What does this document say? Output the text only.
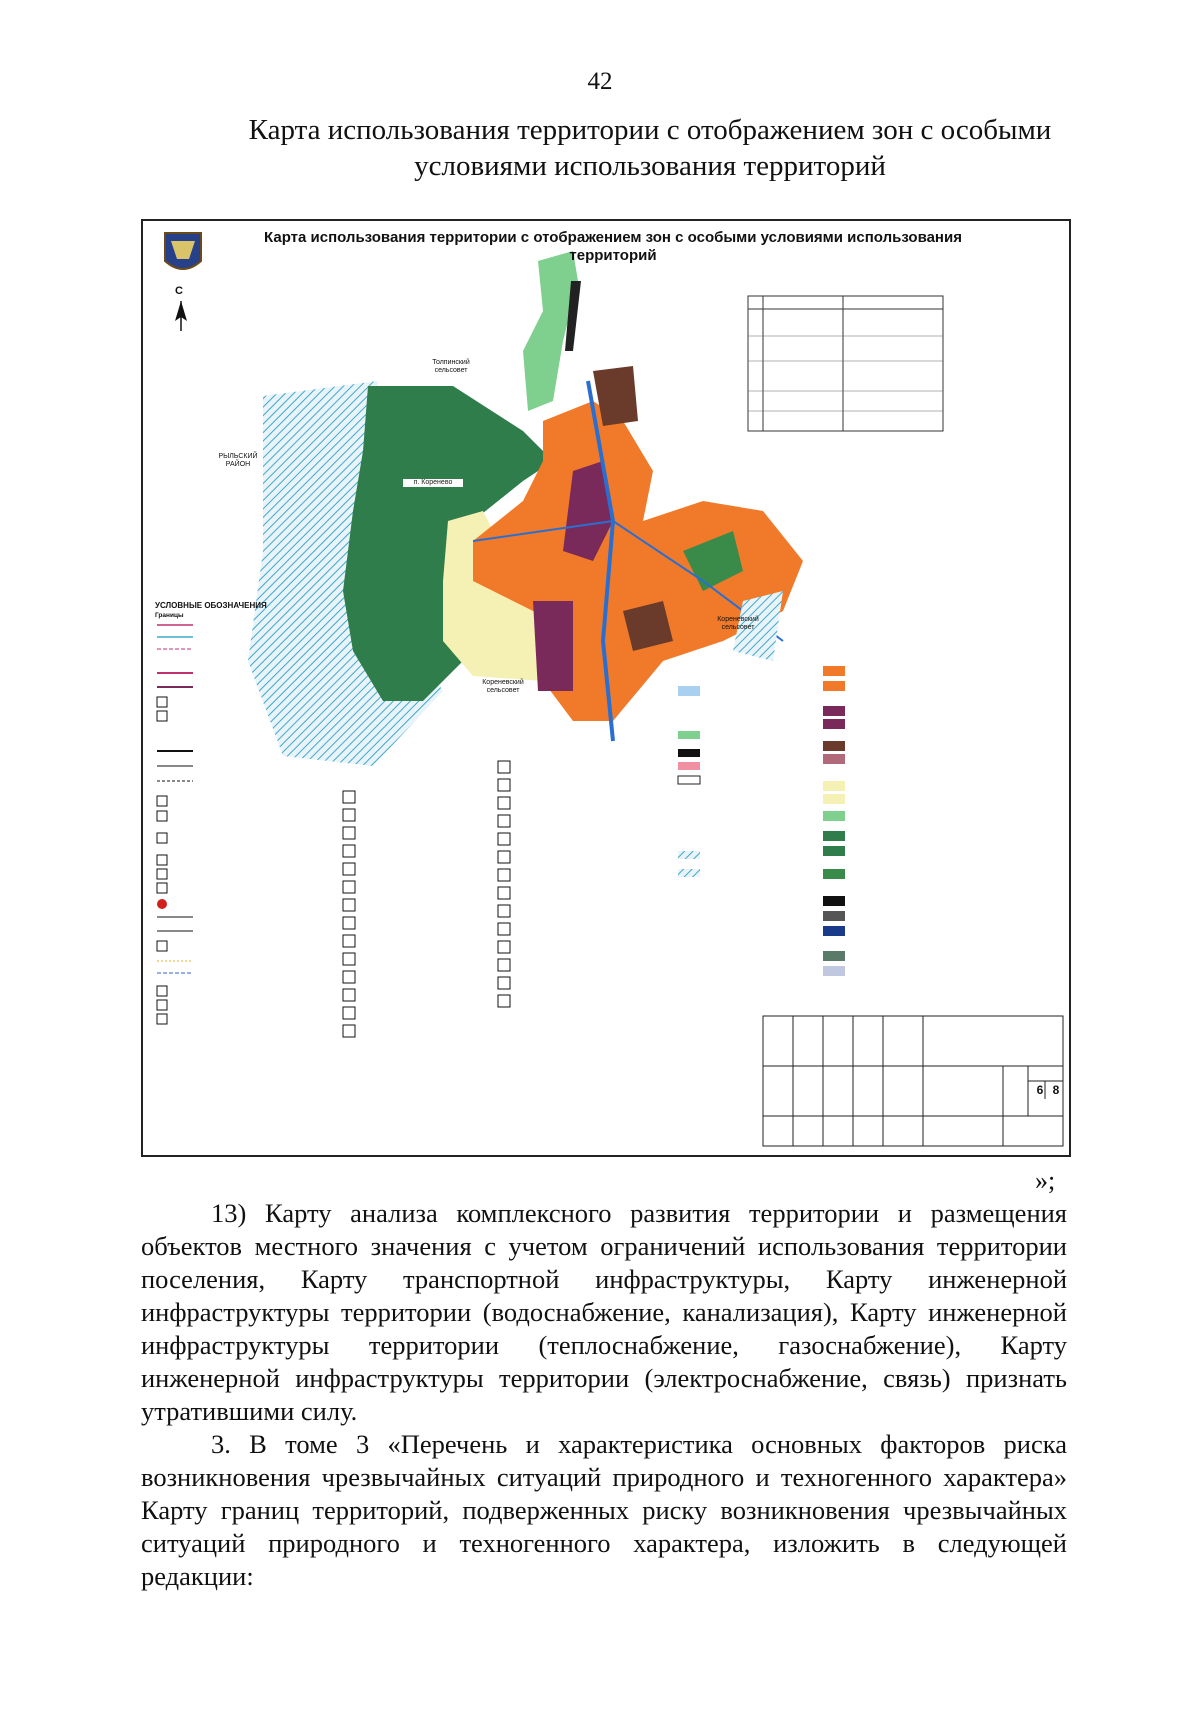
42
Карта использования территории с отображением зон с особыми условиями использования территорий
Карта использования территории с отображением зон с особыми условиями использования территорий
С
Толпинский сельсовет
РЫЛЬСКИЙ РАЙОН
п. Коренево
Кореневский сельсовет
Кореневский сельсовет
УСЛОВНЫЕ ОБОЗНАЧЕНИЯ
Границы
6 8
»;

13) Карту анализа комплексного развития территории и размещения объектов местного значения с учетом ограничений использования территории поселения, Карту транспортной инфраструктуры, Карту инженерной инфраструктуры территории (водоснабжение, канализация), Карту инженерной инфраструктуры территории (теплоснабжение, газоснабжение), Карту инженерной инфраструктуры территории (электроснабжение, связь) признать утратившими силу.

3. В томе 3 «Перечень и характеристика основных факторов риска возникновения чрезвычайных ситуаций природного и техногенного характера» Карту границ территорий, подверженных риску возникновения чрезвычайных ситуаций природного и техногенного характера, изложить в следующей редакции:
